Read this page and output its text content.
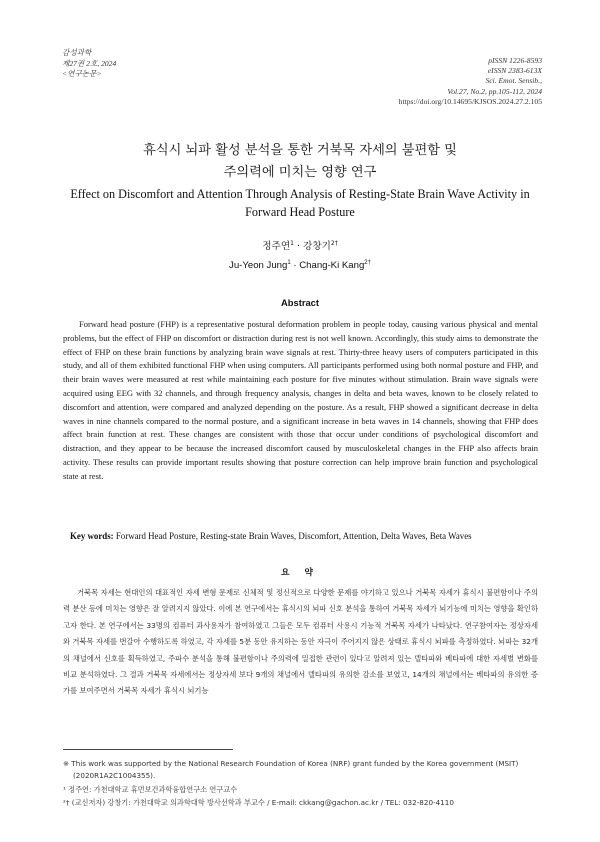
감성과학
제27권 2호, 2024
<연구논문>
pISSN 1226-8593
eISSN 2383-613X
Sci. Emot. Sensib.,
Vol.27, No.2, pp.105-112, 2024
https://doi.org/10.14695/KJSOS.2024.27.2.105
휴식시 뇌파 활성 분석을 통한 거북목 자세의 불편함 및
주의력에 미치는 영향 연구
Effect on Discomfort and Attention Through Analysis of Resting-State Brain Wave Activity in
Forward Head Posture
정주연$^1$ · 강창기$^{2\dagger}$
Ju-Yeon Jung$^1$ · Chang-Ki Kang$^{2\dagger}$
Abstract
Forward head posture (FHP) is a representative postural deformation problem in people today, causing various physical and mental problems, but the effect of FHP on discomfort or distraction during rest is not well known. Accordingly, this study aims to demonstrate the effect of FHP on these brain functions by analyzing brain wave signals at rest. Thirty-three heavy users of computers participated in this study, and all of them exhibited functional FHP when using computers. All participants performed using both normal posture and FHP, and their brain waves were measured at rest while maintaining each posture for five minutes without stimulation. Brain wave signals were acquired using EEG with 32 channels, and through frequency analysis, changes in delta and beta waves, known to be closely related to discomfort and attention, were compared and analyzed depending on the posture. As a result, FHP showed a significant decrease in delta waves in nine channels compared to the normal posture, and a significant increase in beta waves in 14 channels, showing that FHP does affect brain function at rest. These changes are consistent with those that occur under conditions of psychological discomfort and distraction, and they appear to be because the increased discomfort caused by musculoskeletal changes in the FHP also affects brain activity. These results can provide important results showing that posture correction can help improve brain function and psychological state at rest.
Key words: Forward Head Posture, Resting-state Brain Waves, Discomfort, Attention, Delta Waves, Beta Waves
요 약
거북목 자세는 현대인의 대표적인 자세 변형 문제로 신체적 및 정신적으로 다양한 문제를 야기하고 있으나 거북목 자세가 휴식시 불편함이나 주의력 분산 등에 미치는 영향은 잘 알려지지 않았다. 이에 본 연구에서는 휴식시의 뇌파 신호 분석을 통하여 거북목 자세가 뇌기능에 미치는 영향을 확인하고자 한다. 본 연구에서는 33명의 컴퓨터 과사용자가 참여하였고 그들은 모두 컴퓨터 사용시 기능적 거북목 자세가 나타났다. 연구참여자는 정상자세와 거북목 자세를 번갈아 수행하도록 하였고, 각 자세를 5분 동안 유지하는 동안 자극이 주어지지 않은 상태로 휴식시 뇌파를 측정하였다. 뇌파는 32개의 채널에서 신호를 획득하였고, 주파수 분석을 통해 불편함이나 주의력에 밀접한 관련이 있다고 알려져 있는 델타파와 베타파에 대한 자세별 변화를 비교 분석하였다. 그 결과 거북목 자세에서는 정상자세 보다 9개의 채널에서 델타파의 유의한 감소를 보였고, 14개의 채널에서는 베타파의 유의한 증가를 보여주면서 거북목 자세가 휴식시 뇌기능
※ This work was supported by the National Research Foundation of Korea (NRF) grant funded by the Korea government (MSIT) (2020R1A2C1004355).
¹ 정주연: 가천대학교 휴먼보건과학융합연구소 연구교수
²† (교신저자) 강창기: 가천대학교 의과학대학 방사선학과 부교수 / E-mail: ckkang@gachon.ac.kr / TEL: 032-820-4110
